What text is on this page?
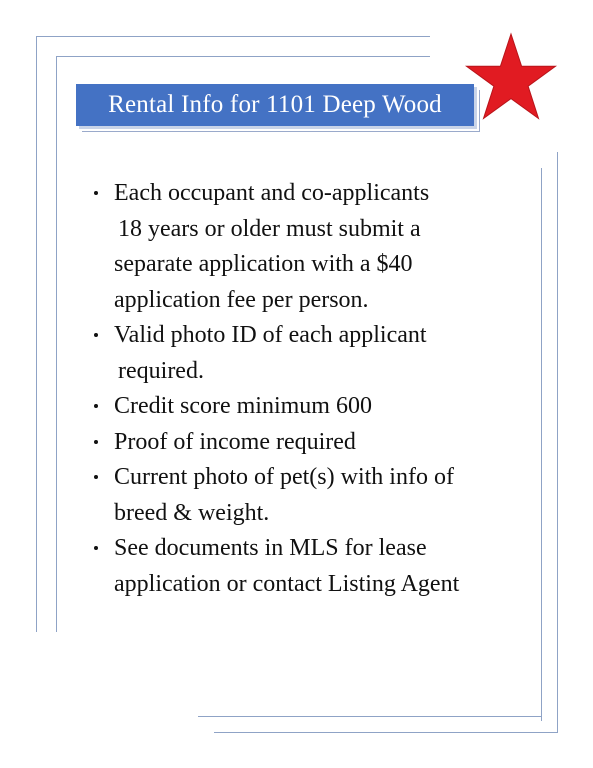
Rental Info for 1101 Deep Wood
Each occupant and co-applicants
18 years or older must submit a
separate application with a $40
application fee per person.
Valid photo ID of each applicant
required.
Credit score minimum 600
Proof of income required
Current photo of pet(s) with info of
breed & weight.
See documents in MLS for lease
application or contact Listing Agent
